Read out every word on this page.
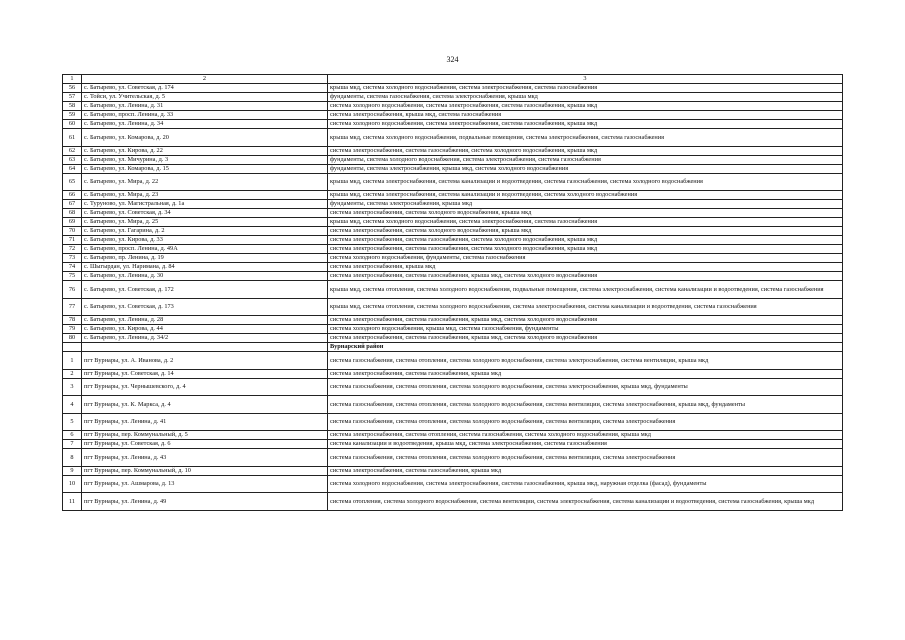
324
1	2	3
56	с. Батырево, ул. Советская, д. 174	крыша мкд, система холодного водоснабжения, система электроснабжения, система газоснабжения
57	с. Тойси, ул. Учительская, д. 5	фундаменты, система газоснабжения, система электроснабжения, крыша мкд
58	с. Батырево, ул. Ленина, д. 31	система холодного водоснабжения, система электроснабжения, система газоснабжения, крыша мкд
59	с. Батырево, просп. Ленина, д. 33	система электроснабжения, крыша мкд, система газоснабжения
60	с. Батырево, ул. Ленина, д. 34	система холодного водоснабжения, система электроснабжения, система газоснабжения, крыша мкд
61	с. Батырево, ул. Комарова, д. 20	крыша мкд, система холодного водоснабжения, подвальные помещения, система электроснабжения, система газоснабжения
62	с. Батырево, ул. Кирова, д. 22	система электроснабжения, система газоснабжения, система холодного водоснабжения, крыша мкд
63	с. Батырево, ул. Мичурина, д. 3	фундаменты, система холодного водоснабжения, система электроснабжения, система газоснабжения
64	с. Батырево, ул. Комарова, д. 15	фундаменты, система электроснабжения, крыша мкд, система холодного водоснабжения
65	с. Батырево, ул. Мира, д. 22	крыша мкд, система электроснабжения, система канализации и водоотведения, система газоснабжения, система холодного водоснабжения
66	с. Батырево, ул. Мира, д. 23	крыша мкд, система электроснабжения, система канализации и водоотведения, система холодного водоснабжения
67	с. Туруново, ул. Магистральная, д. 1а	фундаменты, система электроснабжения, крыша мкд
68	с. Батырево, ул. Советская, д. 34	система электроснабжения, система холодного водоснабжения, крыша мкд
69	с. Батырево, ул. Мира, д. 25	крыша мкд, система холодного водоснабжения, система электроснабжения, система газоснабжения
70	с. Батырево, ул. Гагарина, д. 2	система электроснабжения, система холодного водоснабжения, крыша мкд
71	с. Батырево, ул. Кирова, д. 33	система электроснабжения, система газоснабжения, система холодного водоснабжения, крыша мкд
72	с. Батырево, просп. Ленина, д. 49А	система электроснабжения, система газоснабжения, система холодного водоснабжения, крыша мкд
73	с. Батырево, пр. Ленина, д. 19	система холодного водоснабжения, фундаменты, система газоснабжения
74	с. Шыгырдан, ул. Наримана, д. 84	система электроснабжения, крыша мкд
75	с. Батырево, ул. Ленина, д. 30	система электроснабжения, система газоснабжения, крыша мкд, система холодного водоснабжения
76	с. Батырево, ул. Советская, д. 172	крыша мкд, система отопления, система холодного водоснабжения, подвальные помещения, система электроснабжения, система канализации и водоотведения, система газоснабжения
77	с. Батырево, ул. Советская, д. 173	крыша мкд, система отопления, система холодного водоснабжения, система электроснабжения, система канализации и водоотведения, система газоснабжения
78	с. Батырево, ул. Ленина, д. 28	система электроснабжения, система газоснабжения, крыша мкд, система холодного водоснабжения
79	с. Батырево, ул. Кирова, д. 44	система холодного водоснабжения, крыша мкд, система газоснабжения, фундаменты
80	с. Батырево, ул. Ленина, д. 34/2	система электроснабжения, система газоснабжения, крыша мкд, система холодного водоснабжения
		Вурнарский район
1	пгт Вурнары, ул. А. Иванова, д. 2	система газоснабжения, система отопления, система холодного водоснабжения, система электроснабжения, система вентиляции, крыша мкд
2	пгт Вурнары, ул. Советская, д. 14	система электроснабжения, система газоснабжения, крыша мкд
3	пгт Вурнары, ул. Чернышевского, д. 4	система газоснабжения, система отопления, система холодного водоснабжения, система электроснабжения, крыша мкд, фундаменты
4	пгт Вурнары, ул. К. Маркса, д. 4	система газоснабжения, система отопления, система холодного водоснабжения, система вентиляции, система электроснабжения, крыша мкд, фундаменты
5	пгт Вурнары, ул. Ленина, д. 41	система газоснабжения, система отопления, система холодного водоснабжения, система вентиляции, система электроснабжения
6	пгт Вурнары, пер. Коммунальный, д. 5	система электроснабжения, система отопления, система газоснабжения, система холодного водоснабжения, крыша мкд
7	пгт Вурнары, ул. Советская, д. 6	система канализации и водоотведения, крыша мкд, система электроснабжения, система газоснабжения
8	пгт Вурнары, ул. Ленина, д. 43	система газоснабжения, система отопления, система холодного водоснабжения, система вентиляции, система электроснабжения
9	пгт Вурнары, пер. Коммунальный, д. 10	система электроснабжения, система газоснабжения, крыша мкд
10	пгт Вурнары, ул. Ашмарова, д. 13	система холодного водоснабжения, система электроснабжения, система газоснабжения, крыша мкд, наружная отделка (фасад), фундаменты
11	пгт Вурнары, ул. Ленина, д. 49	система отопления, система холодного водоснабжения, система вентиляции, система электроснабжения, система канализации и водоотведения, система газоснабжения, крыша мкд
